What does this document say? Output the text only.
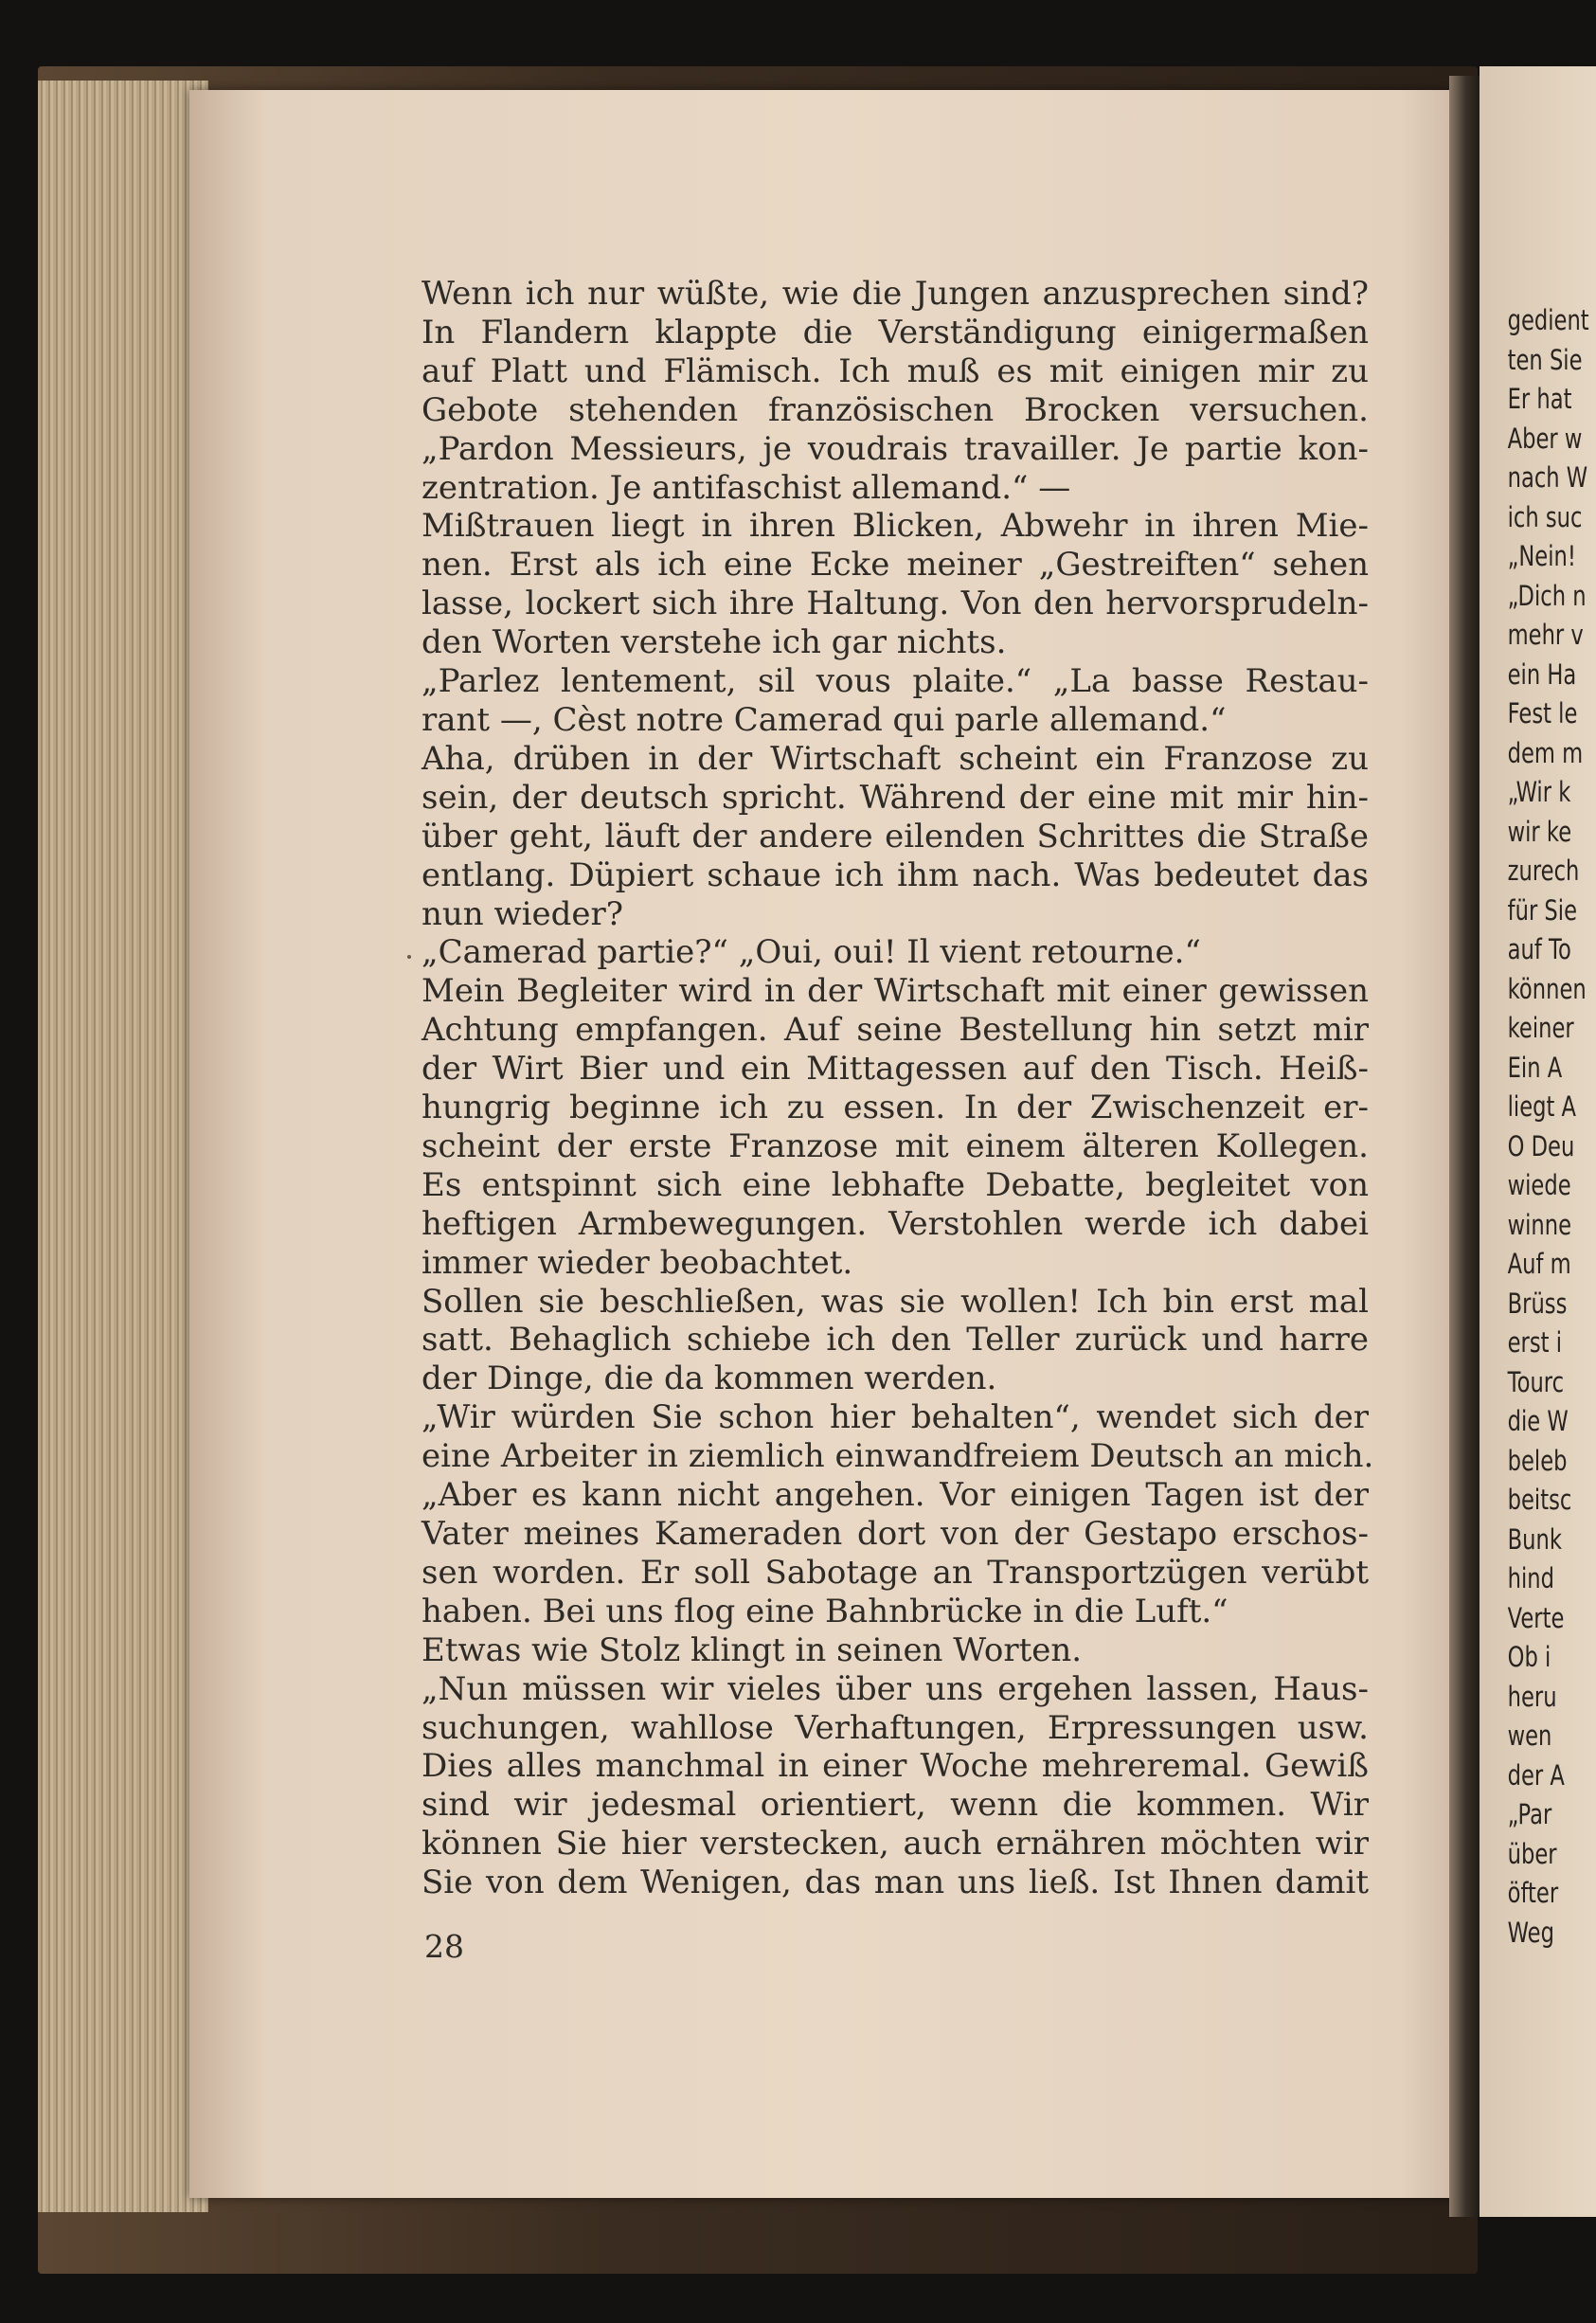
gedient
ten Sie
Er hat
Aber w
nach W
ich suc
„Nein!
„Dich n
mehr v
ein Ha
Fest le
dem m
„Wir k
wir ke
zurech
für Sie
auf To
können
keiner
Ein A
liegt A
O Deu
wiede
winne
Auf m
Brüss
erst i
Tourc
die W
beleb
beitsc
Bunk
hind
Verte
Ob i
heru
wen
der A
„Par
über
öfter
Weg
Wenn ich nur wüßte, wie die Jungen anzusprechen sind?
In Flandern klappte die Verständigung einigermaßen
auf Platt und Flämisch. Ich muß es mit einigen mir zu
Gebote stehenden französischen Brocken versuchen.
„Pardon Messieurs, je voudrais travailler. Je partie kon-
zentration. Je antifaschist allemand.“ —
Mißtrauen liegt in ihren Blicken, Abwehr in ihren Mie-
nen. Erst als ich eine Ecke meiner „Gestreiften“ sehen
lasse, lockert sich ihre Haltung. Von den hervorsprudeln-
den Worten verstehe ich gar nichts.
„Parlez lentement, sil vous plaite.“ „La basse Restau-
rant —, Cèst notre Camerad qui parle allemand.“
Aha, drüben in der Wirtschaft scheint ein Franzose zu
sein, der deutsch spricht. Während der eine mit mir hin-
über geht, läuft der andere eilenden Schrittes die Straße
entlang. Düpiert schaue ich ihm nach. Was bedeutet das
nun wieder?
„Camerad partie?“ „Oui, oui! Il vient retourne.“
Mein Begleiter wird in der Wirtschaft mit einer gewissen
Achtung empfangen. Auf seine Bestellung hin setzt mir
der Wirt Bier und ein Mittagessen auf den Tisch. Heiß-
hungrig beginne ich zu essen. In der Zwischenzeit er-
scheint der erste Franzose mit einem älteren Kollegen.
Es entspinnt sich eine lebhafte Debatte, begleitet von
heftigen Armbewegungen. Verstohlen werde ich dabei
immer wieder beobachtet.
Sollen sie beschließen, was sie wollen! Ich bin erst mal
satt. Behaglich schiebe ich den Teller zurück und harre
der Dinge, die da kommen werden.
„Wir würden Sie schon hier behalten“, wendet sich der
eine Arbeiter in ziemlich einwandfreiem Deutsch an mich.
„Aber es kann nicht angehen. Vor einigen Tagen ist der
Vater meines Kameraden dort von der Gestapo erschos-
sen worden. Er soll Sabotage an Transportzügen verübt
haben. Bei uns flog eine Bahnbrücke in die Luft.“
Etwas wie Stolz klingt in seinen Worten.
„Nun müssen wir vieles über uns ergehen lassen, Haus-
suchungen, wahllose Verhaftungen, Erpressungen usw.
Dies alles manchmal in einer Woche mehreremal. Gewiß
sind wir jedesmal orientiert, wenn die kommen. Wir
können Sie hier verstecken, auch ernähren möchten wir
Sie von dem Wenigen, das man uns ließ. Ist Ihnen damit
28
